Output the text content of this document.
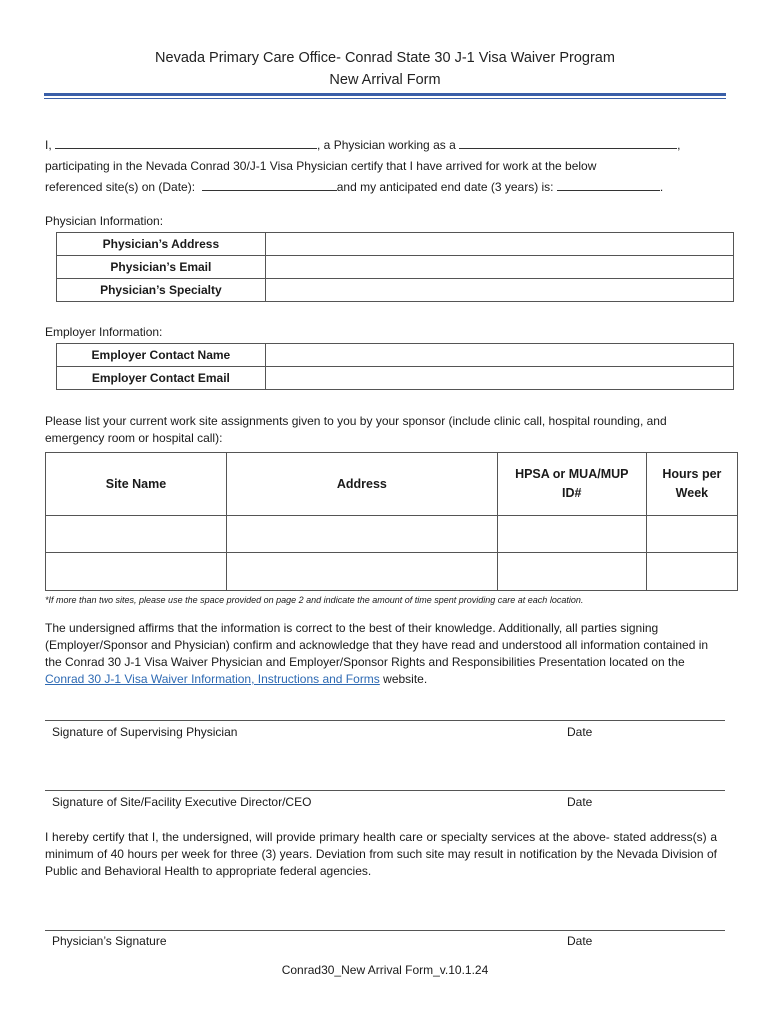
Nevada Primary Care Office- Conrad State 30 J-1 Visa Waiver Program
New Arrival Form
I,	, a Physician working as a	,
participating in the Nevada Conrad 30/J-1 Visa Physician certify that I have arrived for work at the below
referenced site(s) on (Date):	and my anticipated end date (3 years) is:	.
Physician Information:
Physician’s Address	
Physician’s Email	
Physician’s Specialty	
Employer Information:
Employer Contact Name	
Employer Contact Email	
Please list your current work site assignments given to you by your sponsor (include clinic call, hospital rounding, and emergency room or hospital call):
Site Name	Address	HPSA or MUA/MUP ID#	Hours per Week

*If more than two sites, please use the space provided on page 2 and indicate the amount of time spent providing care at each location.
The undersigned affirms that the information is correct to the best of their knowledge. Additionally, all parties signing (Employer/Sponsor and Physician) confirm and acknowledge that they have read and understood all information contained in the Conrad 30 J-1 Visa Waiver Physician and Employer/Sponsor Rights and Responsibilities Presentation located on the Conrad 30 J-1 Visa Waiver Information, Instructions and Forms website.
Signature of Supervising Physician	Date
Signature of Site/Facility Executive Director/CEO	Date
I hereby certify that I, the undersigned, will provide primary health care or specialty services at the above- stated address(s) a minimum of 40 hours per week for three (3) years. Deviation from such site may result in notification by the Nevada Division of Public and Behavioral Health to appropriate federal agencies.
Physician’s Signature	Date
Conrad30_New Arrival Form_v.10.1.24
